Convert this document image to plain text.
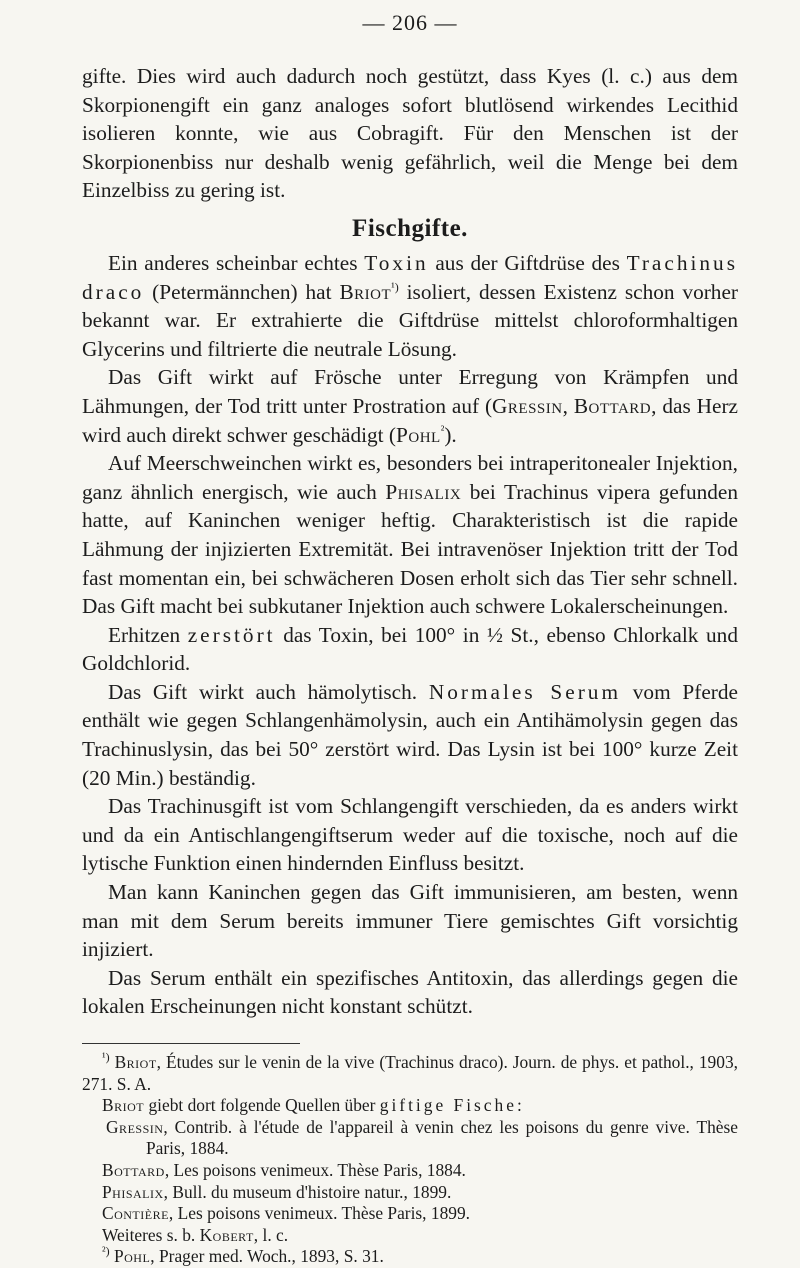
— 206 —

gifte. Dies wird auch dadurch noch gestützt, dass Kyes (l. c.) aus dem Skorpionengift ein ganz analoges sofort blutlösend wirkendes Lecithid isolieren konnte, wie aus Cobragift. Für den Menschen ist der Skorpionenbiss nur deshalb wenig gefährlich, weil die Menge bei dem Einzelbiss zu gering ist.

Fischgifte.

Ein anderes scheinbar echtes Toxin aus der Giftdrüse des Trachinus draco (Petermännchen) hat Briot$^{^1)}$ isoliert, dessen Existenz schon vorher bekannt war. Er extrahierte die Giftdrüse mittelst chloroformhaltigen Glycerins und filtrierte die neutrale Lösung.

Das Gift wirkt auf Frösche unter Erregung von Krämpfen und Lähmungen, der Tod tritt unter Prostration auf (Gressin, Bottard, das Herz wird auch direkt schwer geschädigt (Pohl$^{^2}$).

Auf Meerschweinchen wirkt es, besonders bei intraperitonealer Injektion, ganz ähnlich energisch, wie auch Phisalix bei Trachinus vipera gefunden hatte, auf Kaninchen weniger heftig. Charakteristisch ist die rapide Lähmung der injizierten Extremität. Bei intravenöser Injektion tritt der Tod fast momentan ein, bei schwächeren Dosen erholt sich das Tier sehr schnell. Das Gift macht bei subkutaner Injektion auch schwere Lokalerscheinungen.

Erhitzen zerstört das Toxin, bei 100° in ½ St., ebenso Chlorkalk und Goldchlorid.

Das Gift wirkt auch hämolytisch. Normales Serum vom Pferde enthält wie gegen Schlangenhämolysin, auch ein Antihämolysin gegen das Trachinuslysin, das bei 50° zerstört wird. Das Lysin ist bei 100° kurze Zeit (20 Min.) beständig.

Das Trachinusgift ist vom Schlangengift verschieden, da es anders wirkt und da ein Antischlangengiftserum weder auf die toxische, noch auf die lytische Funktion einen hindernden Einfluss besitzt.

Man kann Kaninchen gegen das Gift immunisieren, am besten, wenn man mit dem Serum bereits immuner Tiere gemischtes Gift vorsichtig injiziert.

Das Serum enthält ein spezifisches Antitoxin, das allerdings gegen die lokalen Erscheinungen nicht konstant schützt.

$^{^1)}$ Briot, Études sur le venin de la vive (Trachinus draco). Journ. de phys. et pathol., 1903, 271. S. A.

Briot giebt dort folgende Quellen über giftige Fische:

Gressin, Contrib. à l'étude de l'appareil à venin chez les poisons du genre vive. Thèse Paris, 1884.

Bottard, Les poisons venimeux. Thèse Paris, 1884.

Phisalix, Bull. du museum d'histoire natur., 1899.

Contière, Les poisons venimeux. Thèse Paris, 1899.

Weiteres s. b. Kobert, l. c.

$^{^2)}$ Pohl, Prager med. Woch., 1893, S. 31.
